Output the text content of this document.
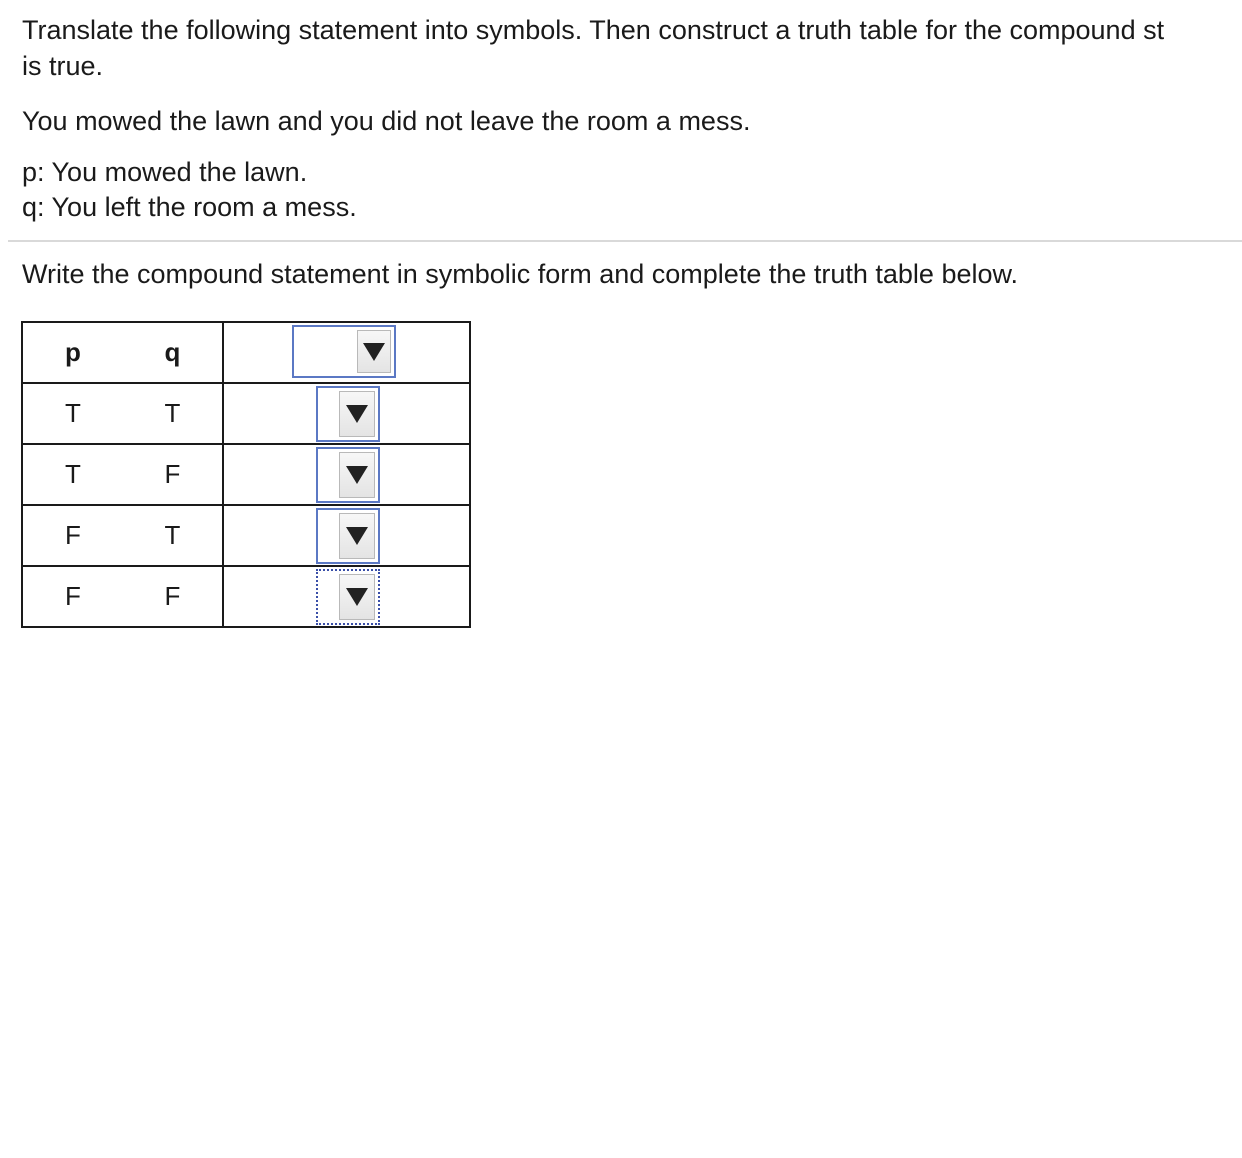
Translate the following statement into symbols. Then construct a truth table for the compound st
is true.
You mowed the lawn and you did not leave the room a mess.
p: You mowed the lawn.
q: You left the room a mess.
Write the compound statement in symbolic form and complete the truth table below.
p q	

T T	

T F	

F T	

F F	
